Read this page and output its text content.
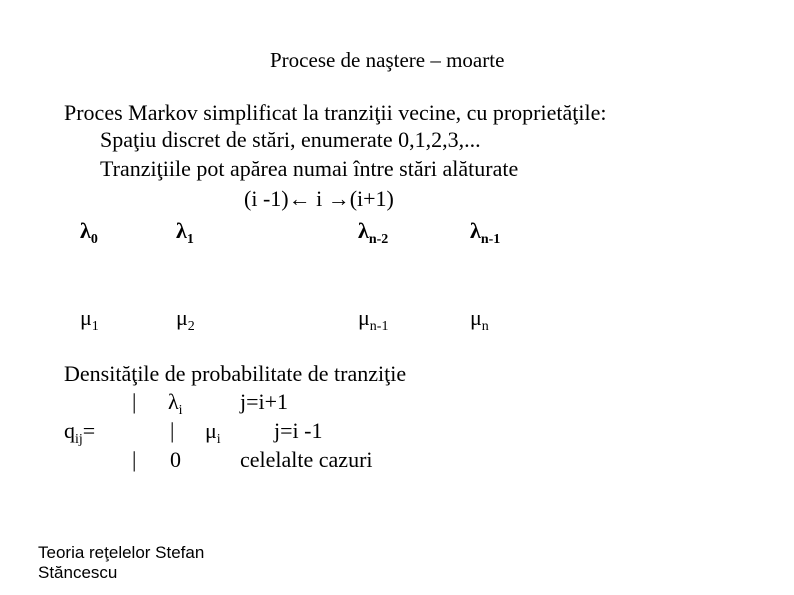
Procese de naştere – moarte
Proces Markov simplificat la tranziţii vecine, cu proprietăţile:
Spaţiu discret de stări, enumerate 0,1,2,3,...
Tranziţiile pot apărea numai între stări alăturate
(i -1)← i →(i+1)
$\lambda_0$	$\lambda_1$	$\lambda_{n-2}$	$\lambda_{n-1}$
$\mu_1$	$\mu_2$	$\mu_{n-1}$	$\mu_n$
Densităţile de probabilitate de tranziţie
$q_{ij}=$
| $\lambda_i$	j=i+1
| $\mu_i$ j=i -1
| 0	celelalte cazuri
Teoria reţelelor Stefan Stăncescu
